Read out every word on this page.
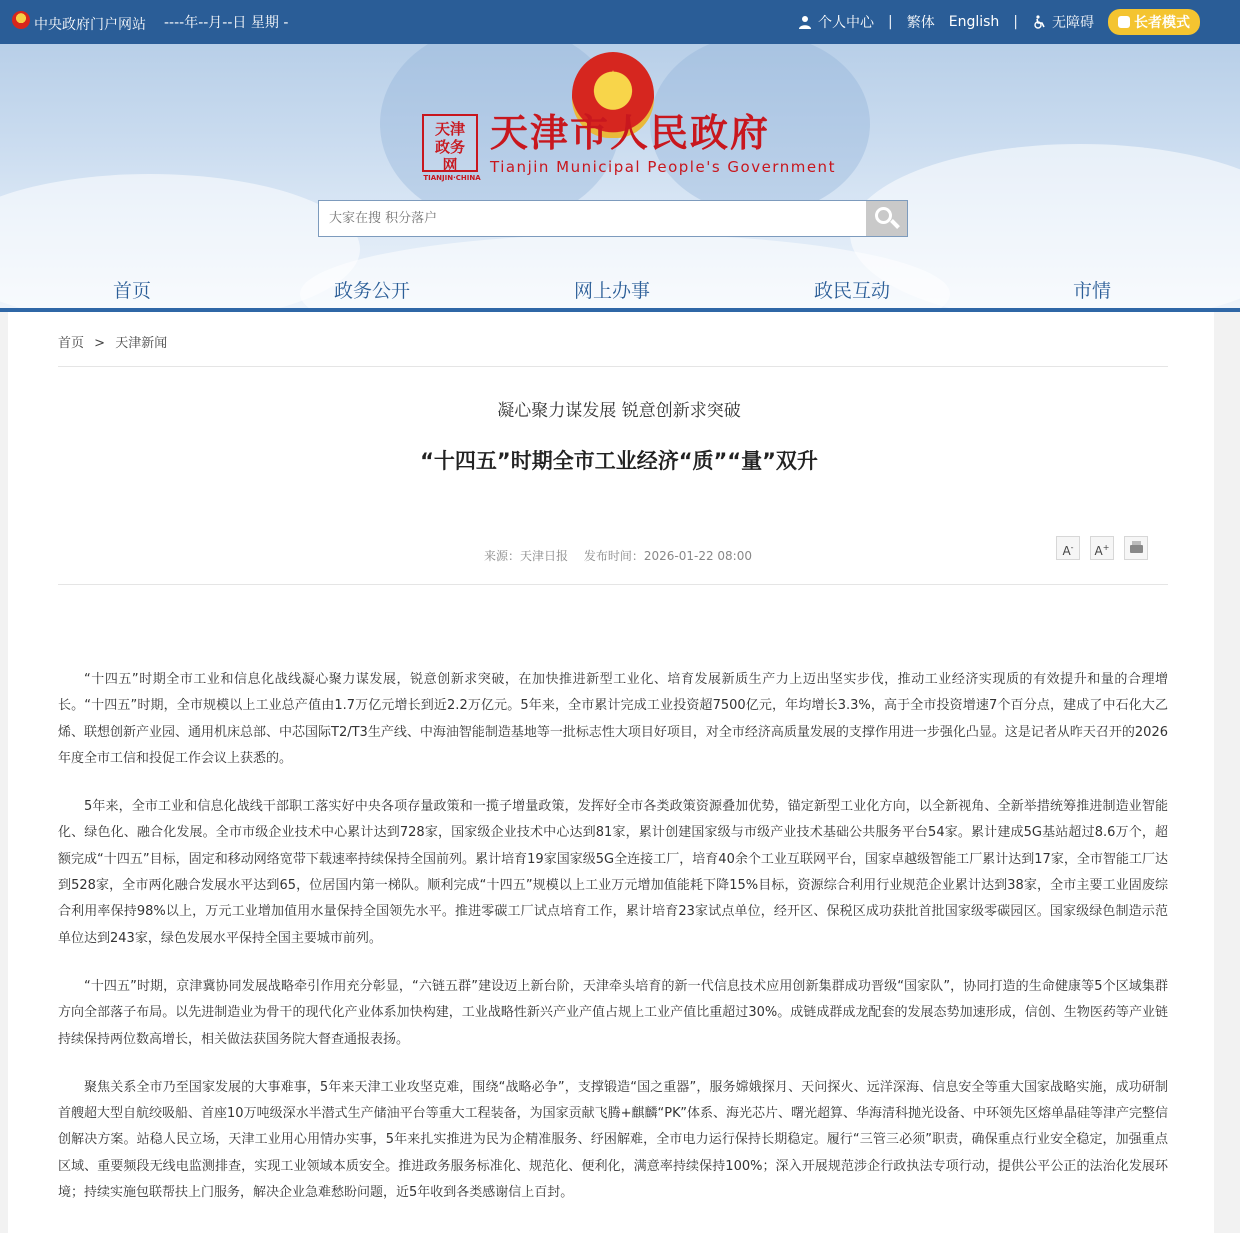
中央政府门户网站 ----年--月--日 星期 -	个人中心 | 繁体 English |	无障碍	长者模式
天津政务网
TIANJIN·CHINA
天津市人民政府
Tianjin Municipal People's Government
大家在搜 积分落户
首页	政务公开	网上办事	政民互动	市情
首页 > 天津新闻
凝心聚力谋发展 锐意创新求突破
“十四五”时期全市工业经济“质”“量”双升
来源：天津日报 发布时间：2026-01-22 08:00	A-	A+

“十四五”时期全市工业和信息化战线凝心聚力谋发展，锐意创新求突破，在加快推进新型工业化、培育发展新质生产力上迈出坚实步伐，推动工业经济实现质的有效提升和量的合理增长。“十四五”时期，全市规模以上工业总产值由1.7万亿元增长到近2.2万亿元。5年来，全市累计完成工业投资超7500亿元，年均增长3.3%，高于全市投资增速7个百分点，建成了中石化大乙烯、联想创新产业园、通用机床总部、中芯国际T2/T3生产线、中海油智能制造基地等一批标志性大项目好项目，对全市经济高质量发展的支撑作用进一步强化凸显。这是记者从昨天召开的2026年度全市工信和投促工作会议上获悉的。

5年来，全市工业和信息化战线干部职工落实好中央各项存量政策和一揽子增量政策，发挥好全市各类政策资源叠加优势，锚定新型工业化方向，以全新视角、全新举措统筹推进制造业智能化、绿色化、融合化发展。全市市级企业技术中心累计达到728家，国家级企业技术中心达到81家，累计创建国家级与市级产业技术基础公共服务平台54家。累计建成5G基站超过8.6万个，超额完成“十四五”目标，固定和移动网络宽带下载速率持续保持全国前列。累计培育19家国家级5G全连接工厂，培育40余个工业互联网平台，国家卓越级智能工厂累计达到17家，全市智能工厂达到528家，全市两化融合发展水平达到65，位居国内第一梯队。顺利完成“十四五”规模以上工业万元增加值能耗下降15%目标，资源综合利用行业规范企业累计达到38家，全市主要工业固废综合利用率保持98%以上，万元工业增加值用水量保持全国领先水平。推进零碳工厂试点培育工作，累计培育23家试点单位，经开区、保税区成功获批首批国家级零碳园区。国家级绿色制造示范单位达到243家，绿色发展水平保持全国主要城市前列。

“十四五”时期，京津冀协同发展战略牵引作用充分彰显，“六链五群”建设迈上新台阶，天津牵头培育的新一代信息技术应用创新集群成功晋级“国家队”，协同打造的生命健康等5个区域集群方向全部落子布局。以先进制造业为骨干的现代化产业体系加快构建，工业战略性新兴产业产值占规上工业产值比重超过30%。成链成群成龙配套的发展态势加速形成，信创、生物医药等产业链持续保持两位数高增长，相关做法获国务院大督查通报表扬。

聚焦关系全市乃至国家发展的大事难事，5年来天津工业攻坚克难，围绕“战略必争”，支撑锻造“国之重器”，服务嫦娥探月、天问探火、远洋深海、信息安全等重大国家战略实施，成功研制首艘超大型自航绞吸船、首座10万吨级深水半潜式生产储油平台等重大工程装备，为国家贡献飞腾+麒麟“PK”体系、海光芯片、曙光超算、华海清科抛光设备、中环领先区熔单晶硅等津产完整信创解决方案。站稳人民立场，天津工业用心用情办实事，5年来扎实推进为民为企精准服务、纾困解难，全市电力运行保持长期稳定。履行“三管三必须”职责，确保重点行业安全稳定，加强重点区域、重要频段无线电监测排查，实现工业领域本质安全。推进政务服务标准化、规范化、便利化，满意率持续保持100%；深入开展规范涉企行政执法专项行动，提供公平公正的法治化发展环境；持续实施包联帮扶上门服务，解决企业急难愁盼问题，近5年收到各类感谢信上百封。
